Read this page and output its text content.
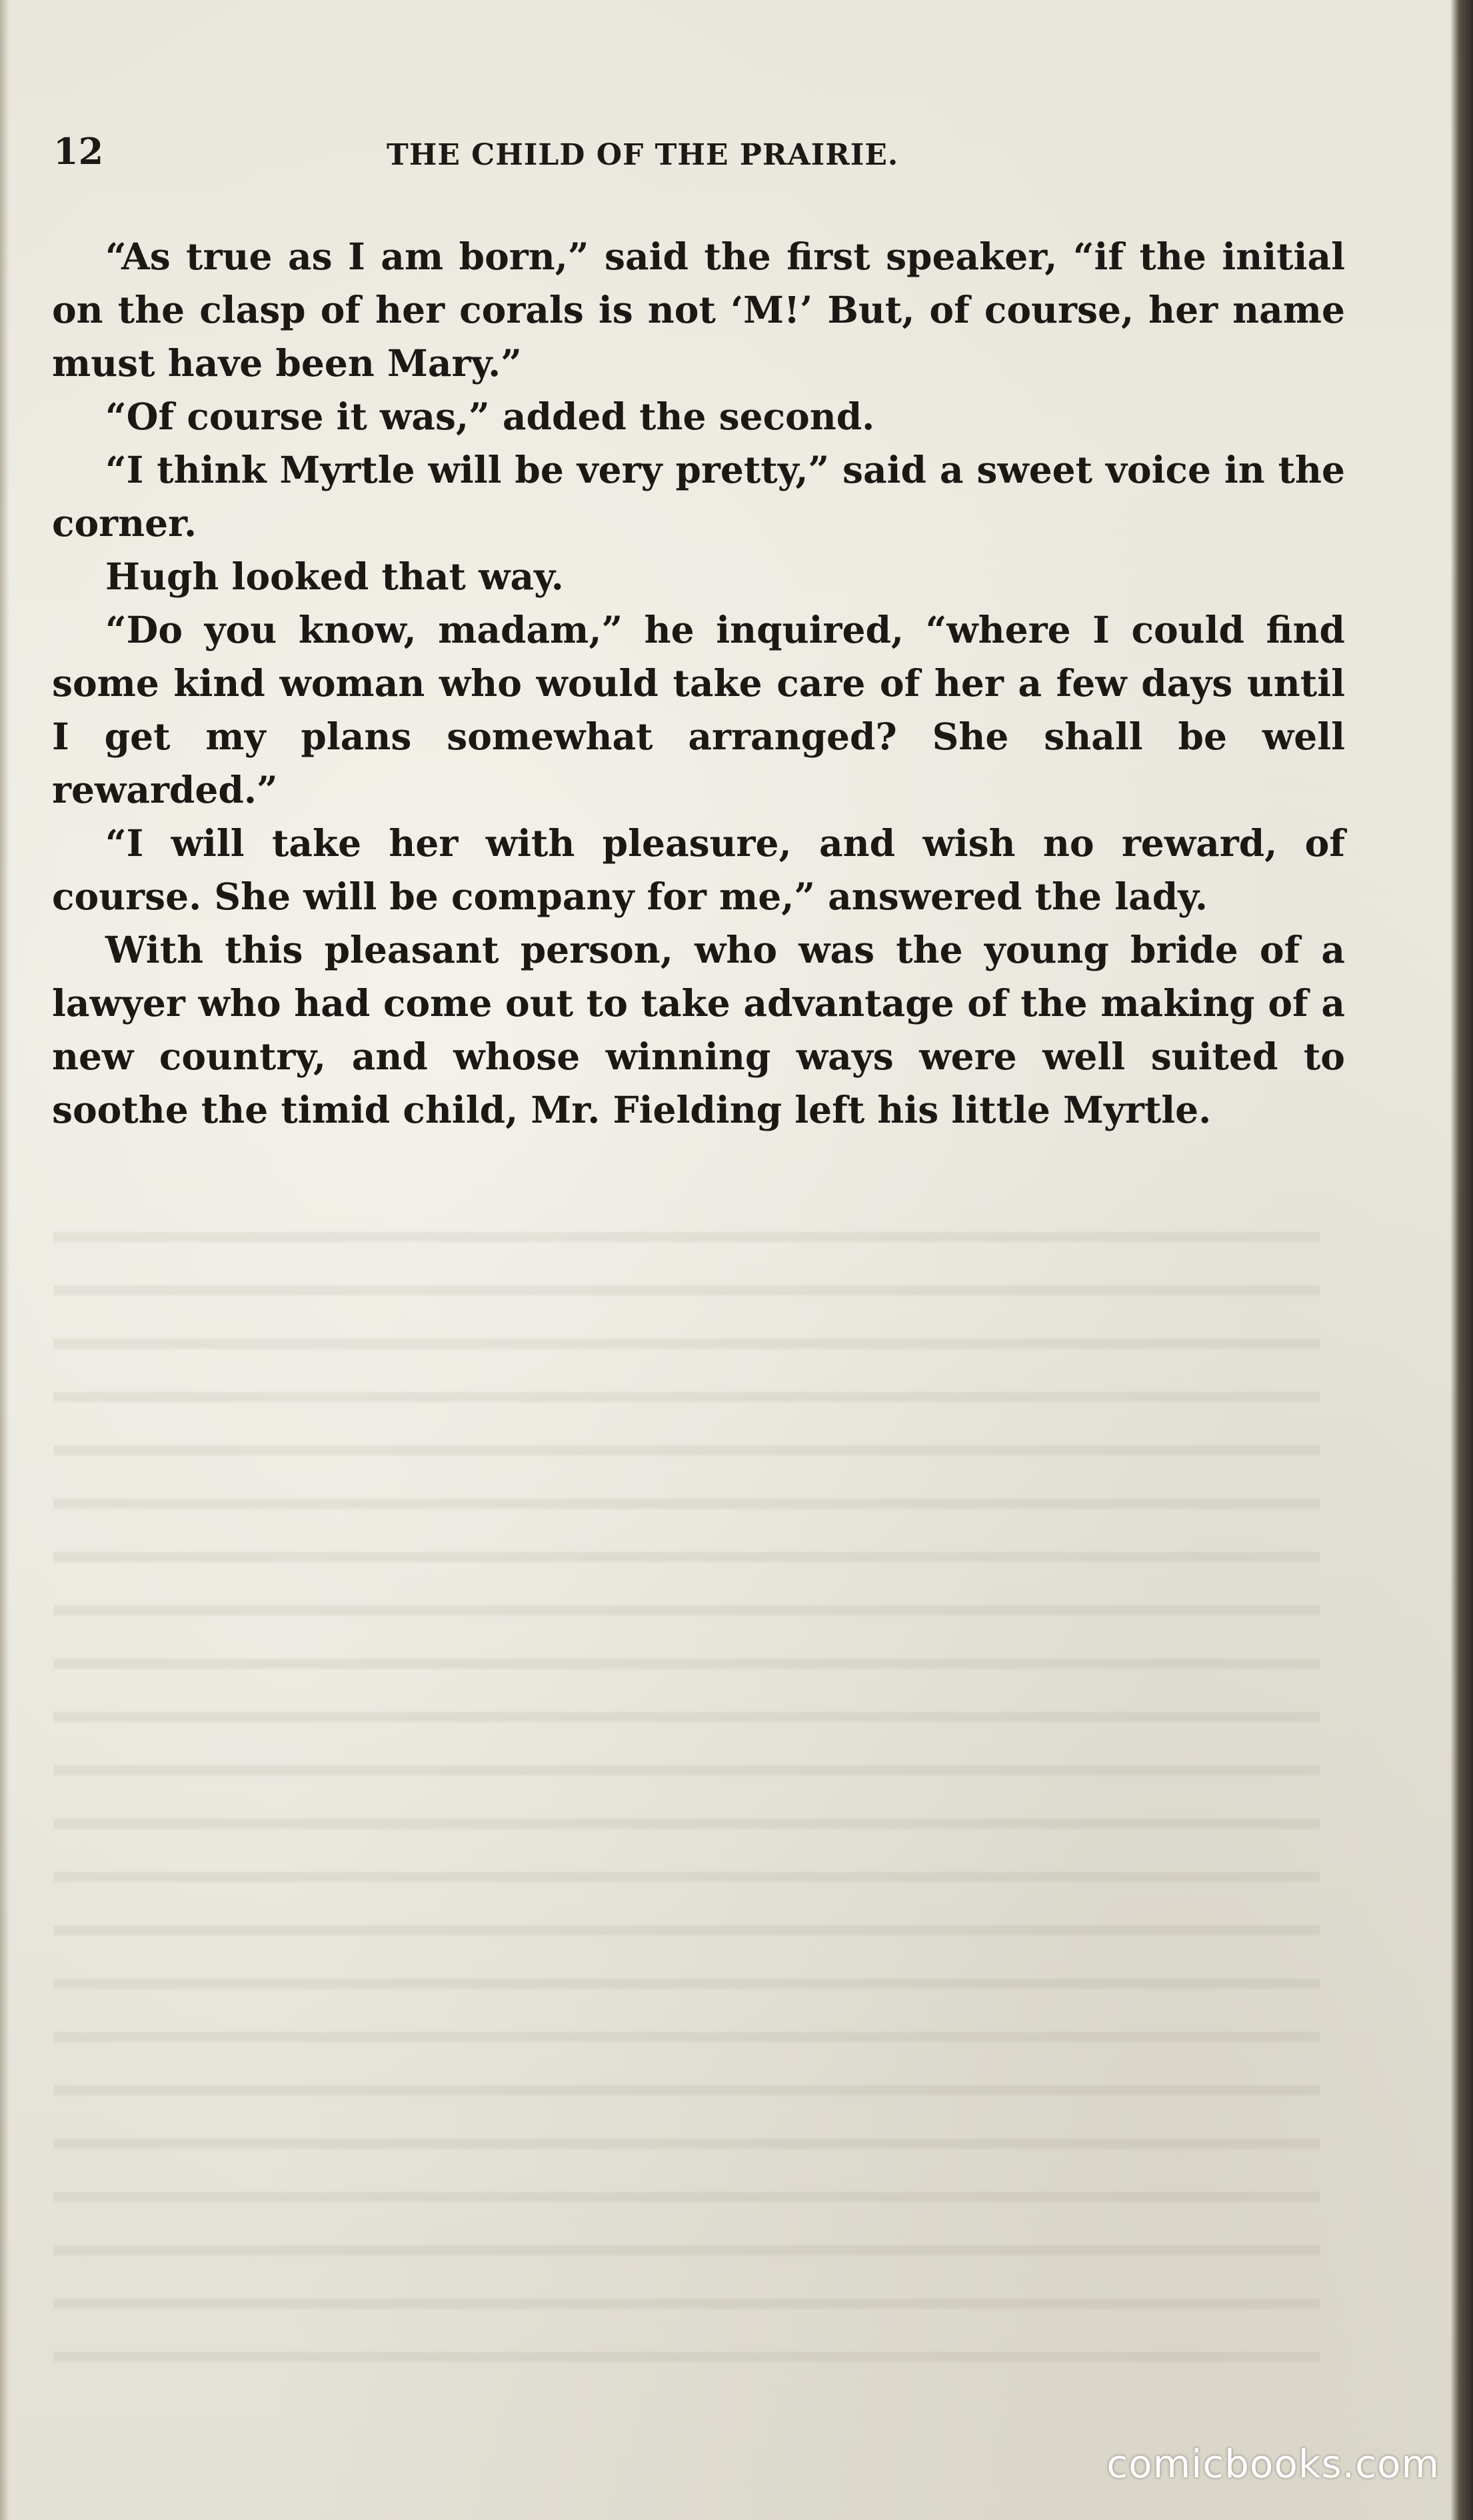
12	THE CHILD OF THE PRAIRIE.

“As true as I am born,” said the first speaker, “if the initial on the clasp of her corals is not ‘M!’ But, of course, her name must have been Mary.”

“Of course it was,” added the second.

“I think Myrtle will be very pretty,” said a sweet voice in the corner.

Hugh looked that way.

“Do you know, madam,” he inquired, “where I could find some kind woman who would take care of her a few days until I get my plans somewhat arranged? She shall be well rewarded.”

“I will take her with pleasure, and wish no reward, of course. She will be company for me,” answered the lady.

With this pleasant person, who was the young bride of a lawyer who had come out to take advantage of the making of a new country, and whose winning ways were well suited to soothe the timid child, Mr. Fielding left his little Myrtle.

comicbooks.com
